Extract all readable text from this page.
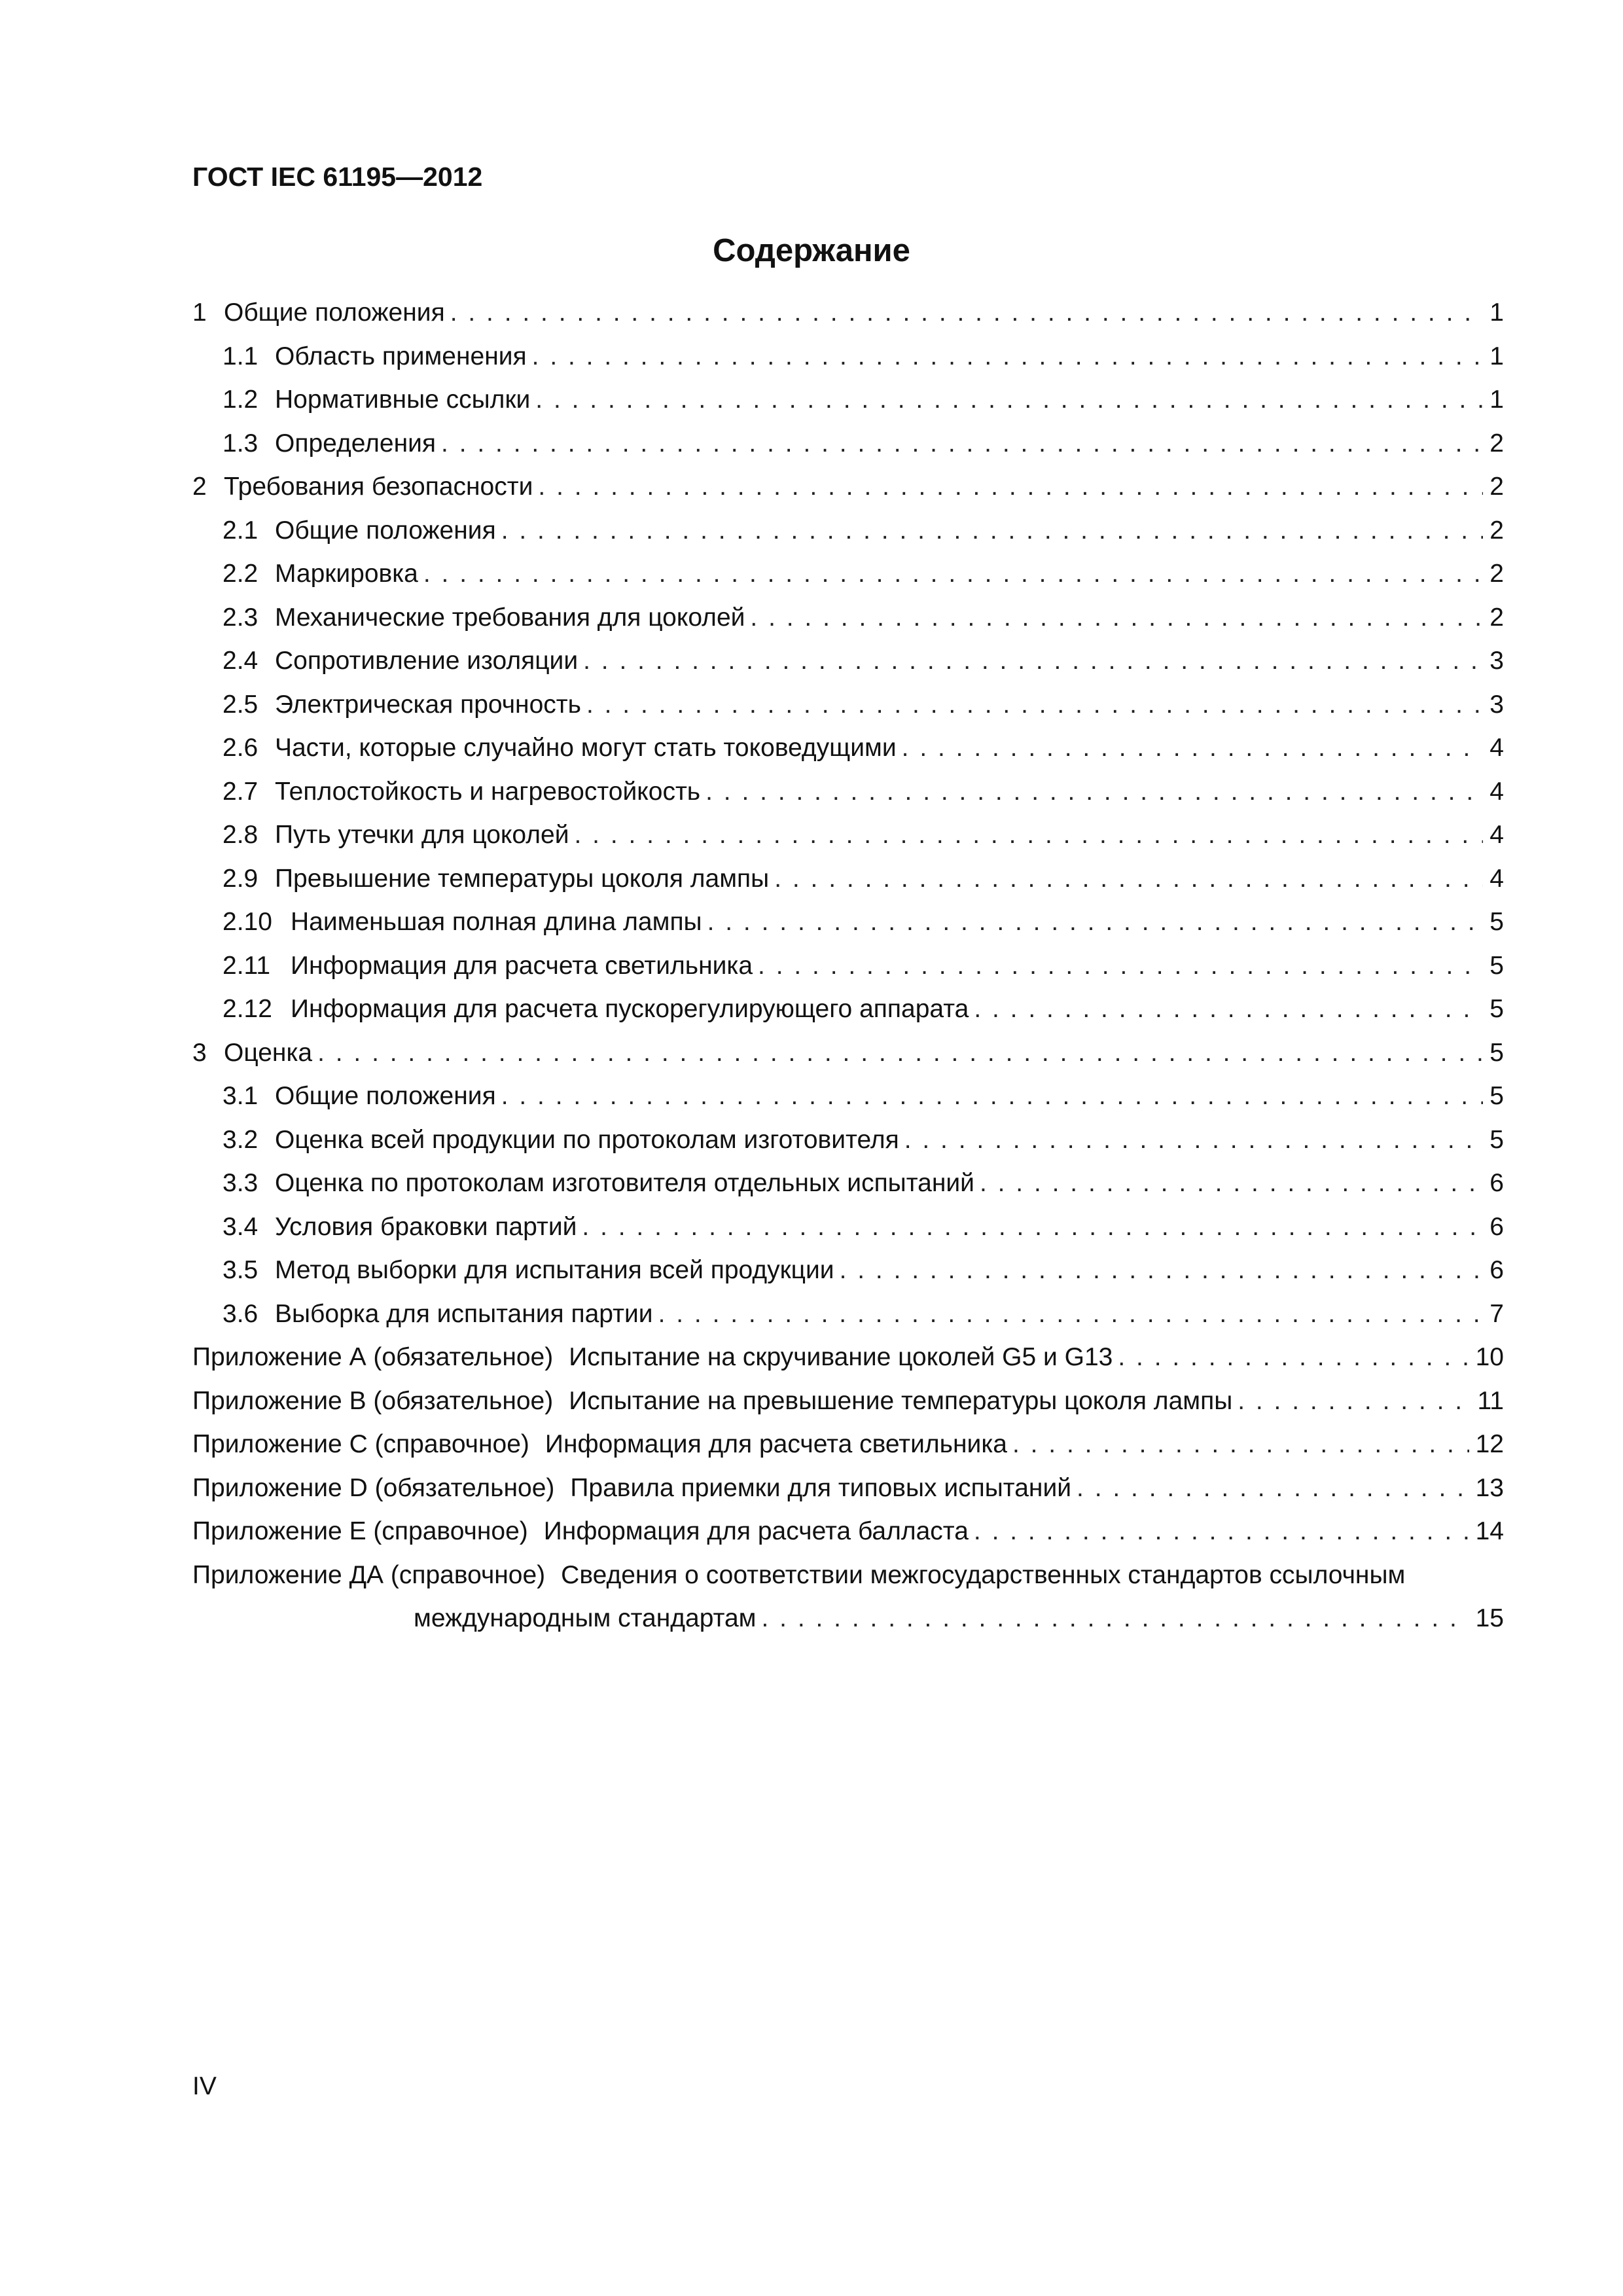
ГОСТ IEC 61195—2012
Содержание
1 Общие положения . . .	1
1.1 Область применения . . .	1
1.2 Нормативные ссылки . . .	1
1.3 Определения . . .	2
2 Требования безопасности . . .	2
2.1 Общие положения . . .	2
2.2 Маркировка . . .	2
2.3 Механические требования для цоколей . . .	2
2.4 Сопротивление изоляции . . .	3
2.5 Электрическая прочность . . .	3
2.6 Части, которые случайно могут стать токоведущими . . .	4
2.7 Теплостойкость и нагревостойкость . . .	4
2.8 Путь утечки для цоколей . . .	4
2.9 Превышение температуры цоколя лампы . . .	4
2.10 Наименьшая полная длина лампы . . .	5
2.11 Информация для расчета светильника . . .	5
2.12 Информация для расчета пускорегулирующего аппарата . . .	5
3 Оценка . . .	5
3.1 Общие положения . . .	5
3.2 Оценка всей продукции по протоколам изготовителя . . .	5
3.3 Оценка по протоколам изготовителя отдельных испытаний . . .	6
3.4 Условия браковки партий . . .	6
3.5 Метод выборки для испытания всей продукции . . .	6
3.6 Выборка для испытания партии . . .	7
Приложение А (обязательное) Испытание на скручивание цоколей G5 и G13 . . .	10
Приложение В (обязательное) Испытание на превышение температуры цоколя лампы . . .	11
Приложение С (справочное) Информация для расчета светильника . . .	12
Приложение D (обязательное) Правила приемки для типовых испытаний . . .	13
Приложение Е (справочное) Информация для расчета балласта . . .	14
Приложение ДА (справочное) Сведения о соответствии межгосударственных стандартов ссылочным
международным стандартам . . .	15
IV
